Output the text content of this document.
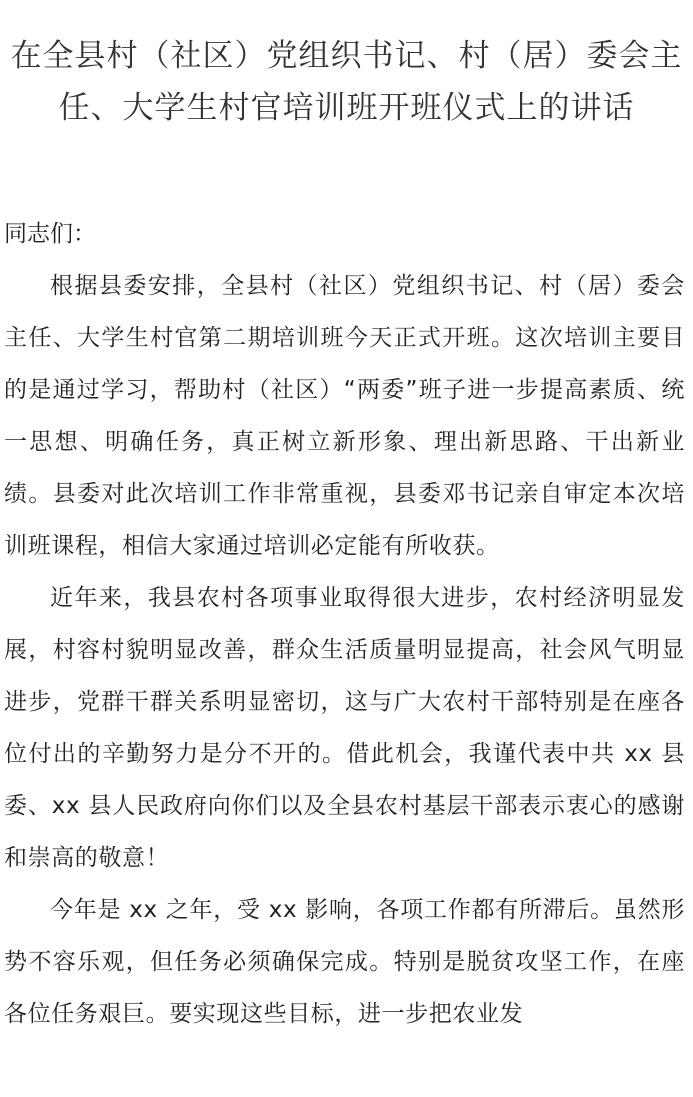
在全县村（社区）党组织书记、村（居）委会主任、大学生村官培训班开班仪式上的讲话

同志们：

根据县委安排，全县村（社区）党组织书记、村（居）委会主任、大学生村官第二期培训班今天正式开班。这次培训主要目的是通过学习，帮助村（社区）“两委”班子进一步提高素质、统一思想、明确任务，真正树立新形象、理出新思路、干出新业绩。县委对此次培训工作非常重视，县委邓书记亲自审定本次培训班课程，相信大家通过培训必定能有所收获。

近年来，我县农村各项事业取得很大进步，农村经济明显发展，村容村貌明显改善，群众生活质量明显提高，社会风气明显进步，党群干群关系明显密切，这与广大农村干部特别是在座各位付出的辛勤努力是分不开的。借此机会，我谨代表中共 xx 县委、xx 县人民政府向你们以及全县农村基层干部表示衷心的感谢和崇高的敬意！

今年是 xx 之年，受 xx 影响，各项工作都有所滞后。虽然形势不容乐观，但任务必须确保完成。特别是脱贫攻坚工作，在座各位任务艰巨。要实现这些目标，进一步把农业发
